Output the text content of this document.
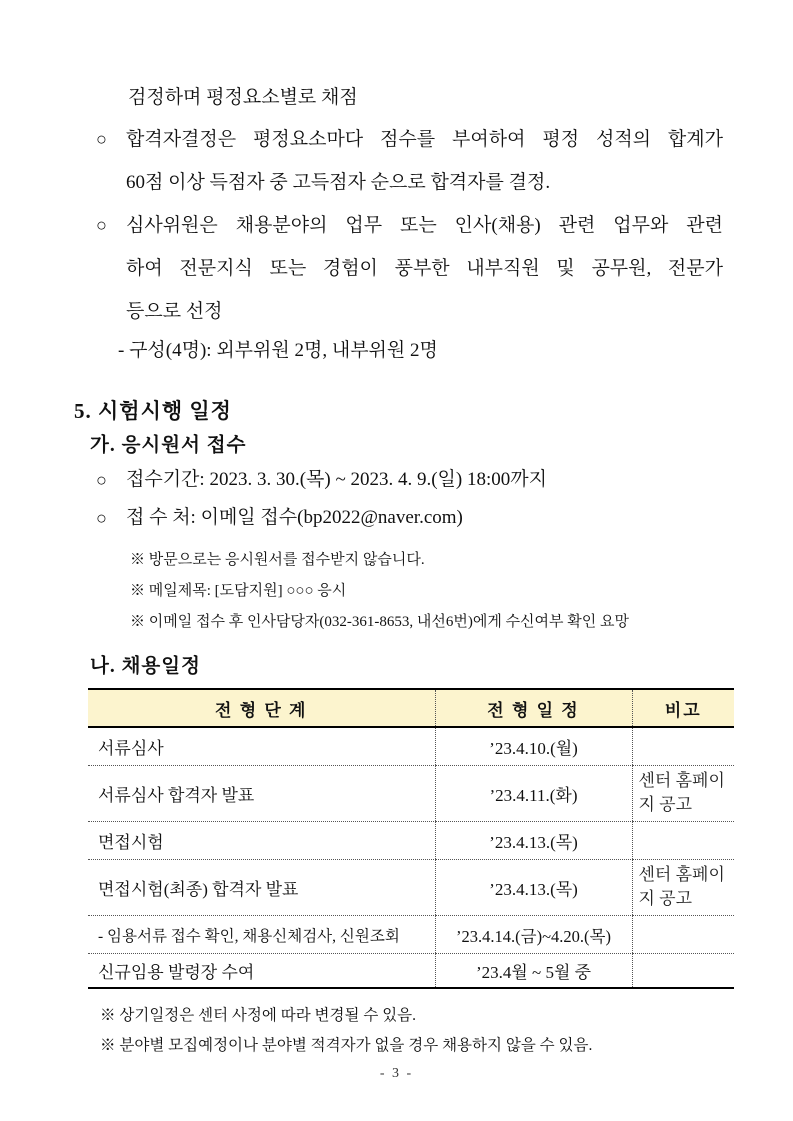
검정하며 평정요소별로 채점
○	합격자결정은 평정요소마다 점수를 부여하여 평정 성적의 합계가
60점 이상 득점자 중 고득점자 순으로 합격자를 결정.
○	심사위원은 채용분야의 업무 또는 인사(채용) 관련 업무와 관련
하여 전문지식 또는 경험이 풍부한 내부직원 및 공무원, 전문가
등으로 선정
- 구성(4명): 외부위원 2명, 내부위원 2명
5. 시험시행 일정
가. 응시원서 접수
○	접수기간: 2023. 3. 30.(목) ~ 2023. 4. 9.(일) 18:00까지
○	접 수 처: 이메일 접수(bp2022@naver.com)
※ 방문으로는 응시원서를 접수받지 않습니다.
※ 메일제목: [도담지원] ○○○ 응시
※ 이메일 접수 후 인사담당자(032-361-8653, 내선6번)에게 수신여부 확인 요망
나. 채용일정
전 형 단 계	전 형 일 정	비고
서류심사	’23.4.10.(월)	
서류심사 합격자 발표	’23.4.11.(화)	센터 홈페이지 공고
면접시험	’23.4.13.(목)	
면접시험(최종) 합격자 발표	’23.4.13.(목)	센터 홈페이지 공고
- 임용서류 접수 확인, 채용신체검사, 신원조회	’23.4.14.(금)~4.20.(목)	
신규임용 발령장 수여	’23.4월 ~ 5월 중	
※ 상기일정은 센터 사정에 따라 변경될 수 있음.
※ 분야별 모집예정이나 분야별 적격자가 없을 경우 채용하지 않을 수 있음.
- 3 -
